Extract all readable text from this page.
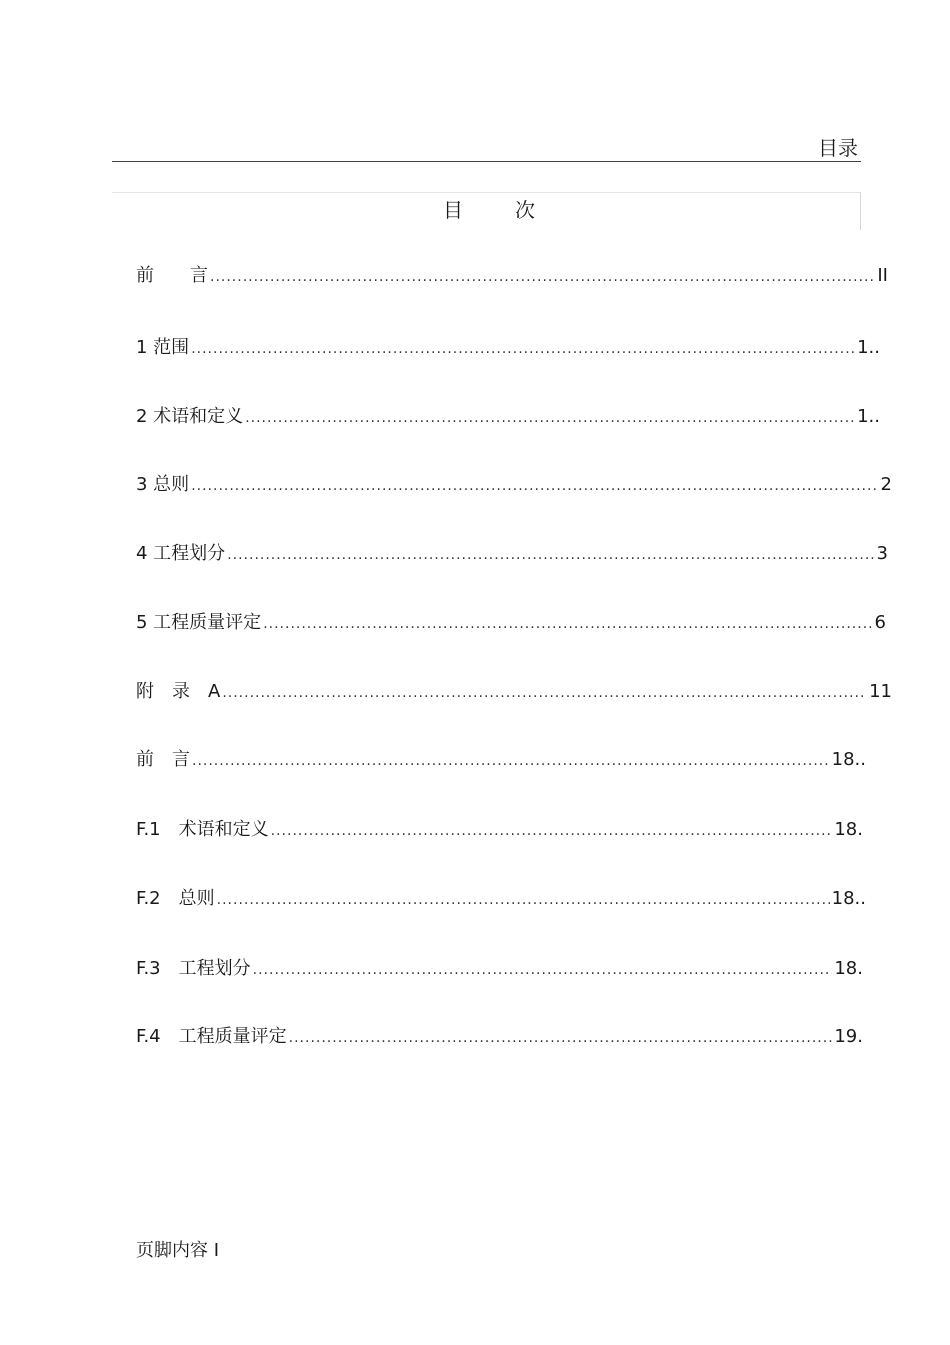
目录
目	次
前　　言 .....	II
1 范围 .....	1..
2 术语和定义 .....	1..
3 总则 .....	2
4 工程划分 .....	3
5 工程质量评定 .....	6
附　录　A .....	11
前　言 .....	18..
F.1　术语和定义 .....	18.
F.2　总则 .....	18..
F.3　工程划分 .....	18.
F.4　工程质量评定 .....	19.
页脚内容 I
